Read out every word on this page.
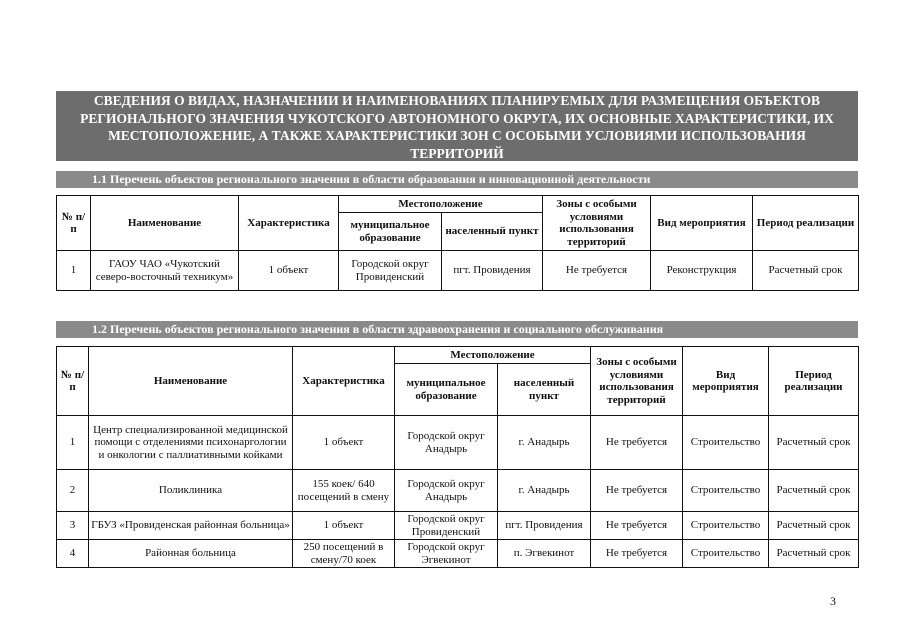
СВЕДЕНИЯ О ВИДАХ, НАЗНАЧЕНИИ И НАИМЕНОВАНИЯХ ПЛАНИРУЕМЫХ ДЛЯ РАЗМЕЩЕНИЯ ОБЪЕКТОВ РЕГИОНАЛЬНОГО ЗНАЧЕНИЯ ЧУКОТСКОГО АВТОНОМНОГО ОКРУГА, ИХ ОСНОВНЫЕ ХАРАКТЕРИСТИКИ, ИХ МЕСТОПОЛОЖЕНИЕ, А ТАКЖЕ ХАРАКТЕРИСТИКИ ЗОН С ОСОБЫМИ УСЛОВИЯМИ ИСПОЛЬЗОВАНИЯ ТЕРРИТОРИЙ
1.1 Перечень объектов регионального значения в области образования и инновационной деятельности
№ п/п	Наименование	Характеристика	Местоположение		Зоны с особыми условиями использования территорий	Вид мероприятия	Период реализации
			муниципальное образование	населенный пункт			
1	ГАОУ ЧАО «Чукотский северо-восточный техникум»	1 объект	Городской округ Провиденский	пгт. Провидения	Не требуется	Реконструкция	Расчетный срок
1.2 Перечень объектов регионального значения в области здравоохранения и социального обслуживания
№ п/п	Наименование	Характеристика	Местоположение		Зоны с особыми условиями использования территорий	Вид мероприятия	Период реализации
			муниципальное образование	населенный пункт			
1	Центр специализированной медицинской помощи с отделениями психонаргологии и онкологии с паллиативными койками	1 объект	Городской округ Анадырь	г. Анадырь	Не требуется	Строительство	Расчетный срок
2	Поликлиника	155 коек/ 640 посещений в смену	Городской округ Анадырь	г. Анадырь	Не требуется	Строительство	Расчетный срок
3	ГБУЗ «Провиденская районная больница»	1 объект	Городской округ Провиденский	пгт. Провидения	Не требуется	Строительство	Расчетный срок
4	Районная больница	250 посещений в смену/70 коек	Городской округ Эгвекинот	п. Эгвекинот	Не требуется	Строительство	Расчетный срок
3
